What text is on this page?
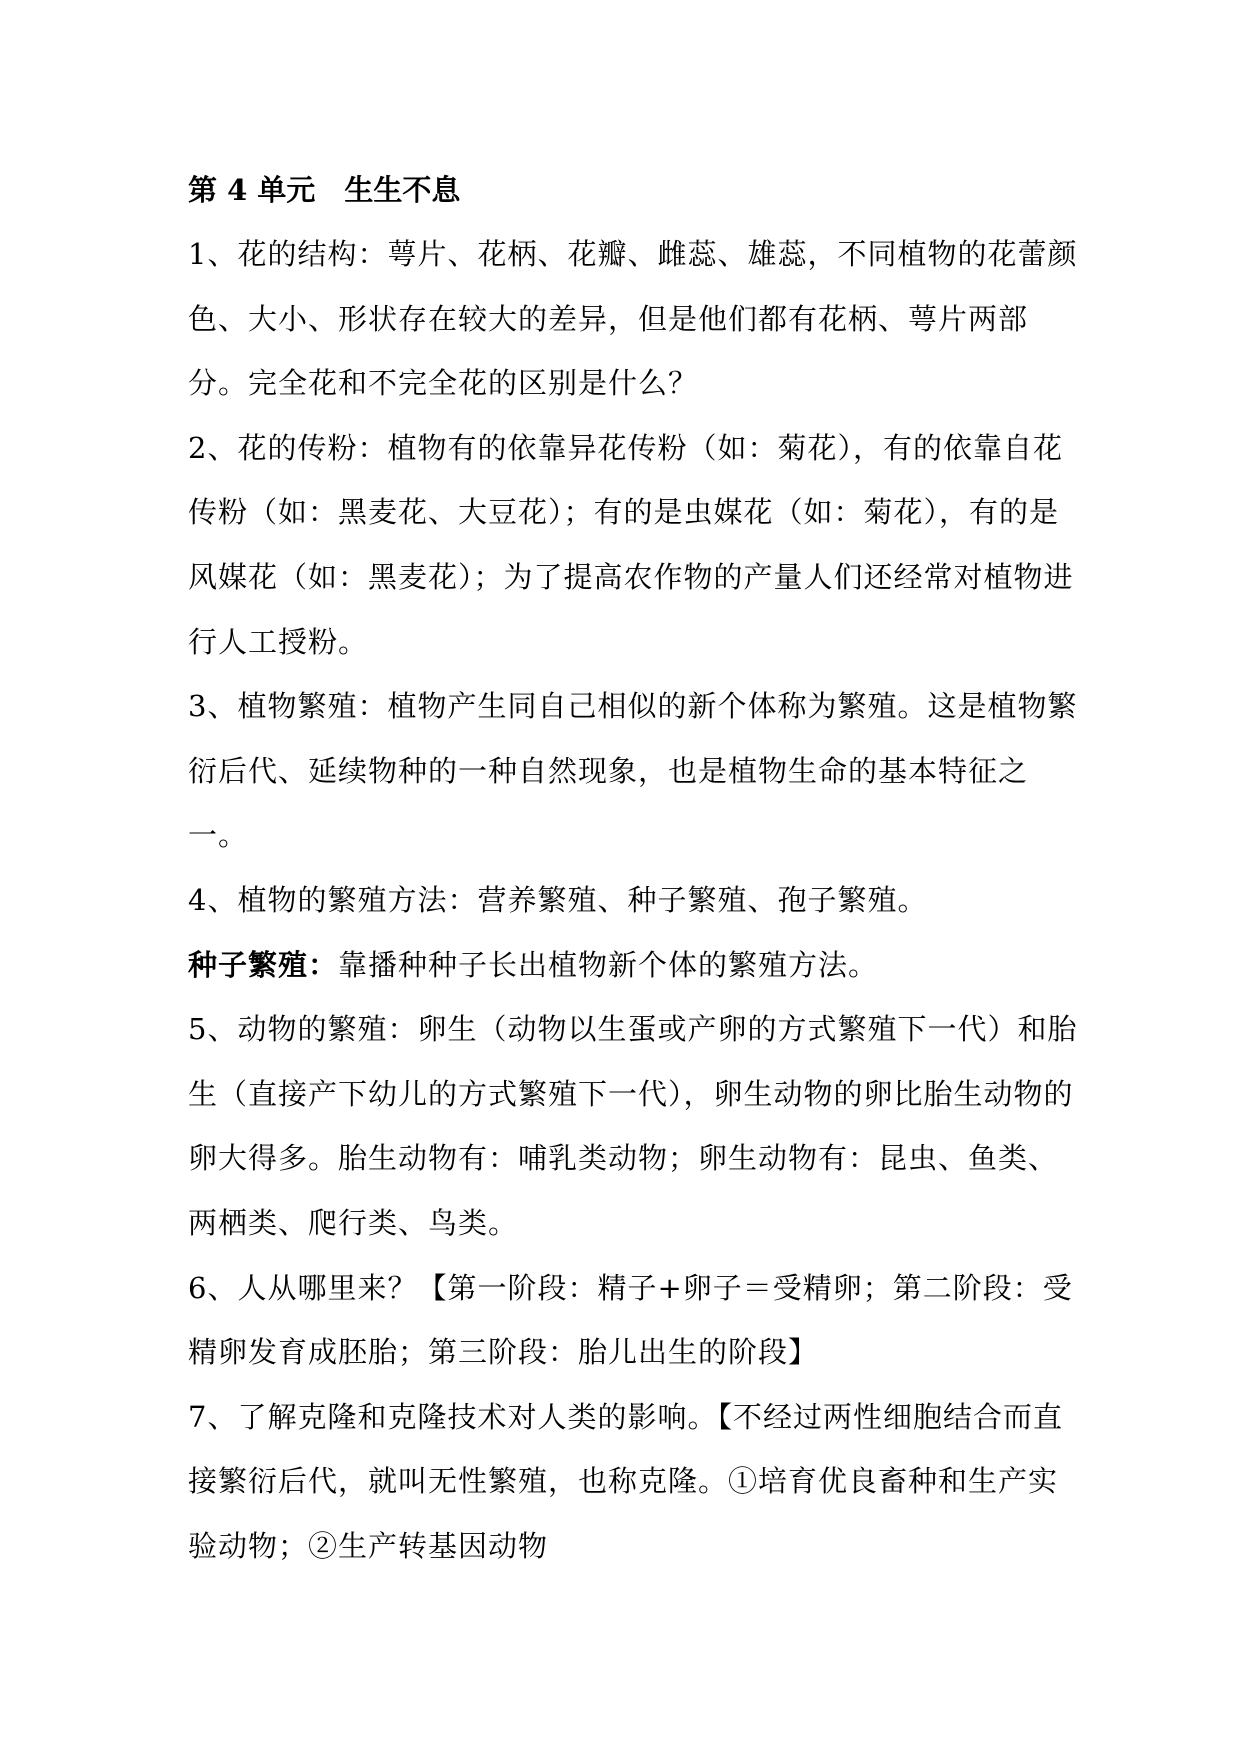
第 4 单元　生生不息

1、花的结构：萼片、花柄、花瓣、雌蕊、雄蕊，不同植物的花蕾颜色、大小、形状存在较大的差异，但是他们都有花柄、萼片两部分。完全花和不完全花的区别是什么？

2、花的传粉：植物有的依靠异花传粉（如：菊花），有的依靠自花传粉（如：黑麦花、大豆花）；有的是虫媒花（如：菊花），有的是风媒花（如：黑麦花）；为了提高农作物的产量人们还经常对植物进行人工授粉。

3、植物繁殖：植物产生同自己相似的新个体称为繁殖。这是植物繁衍后代、延续物种的一种自然现象，也是植物生命的基本特征之一。

4、植物的繁殖方法：营养繁殖、种子繁殖、孢子繁殖。

种子繁殖：靠播种种子长出植物新个体的繁殖方法。

5、动物的繁殖：卵生（动物以生蛋或产卵的方式繁殖下一代）和胎生（直接产下幼儿的方式繁殖下一代），卵生动物的卵比胎生动物的卵大得多。胎生动物有：哺乳类动物；卵生动物有：昆虫、鱼类、两栖类、爬行类、鸟类。

6、人从哪里来？【第一阶段：精子+卵子＝受精卵；第二阶段：受精卵发育成胚胎；第三阶段：胎儿出生的阶段】

7、了解克隆和克隆技术对人类的影响。【不经过两性细胞结合而直接繁衍后代，就叫无性繁殖，也称克隆。①培育优良畜种和生产实验动物；②生产转基因动物
